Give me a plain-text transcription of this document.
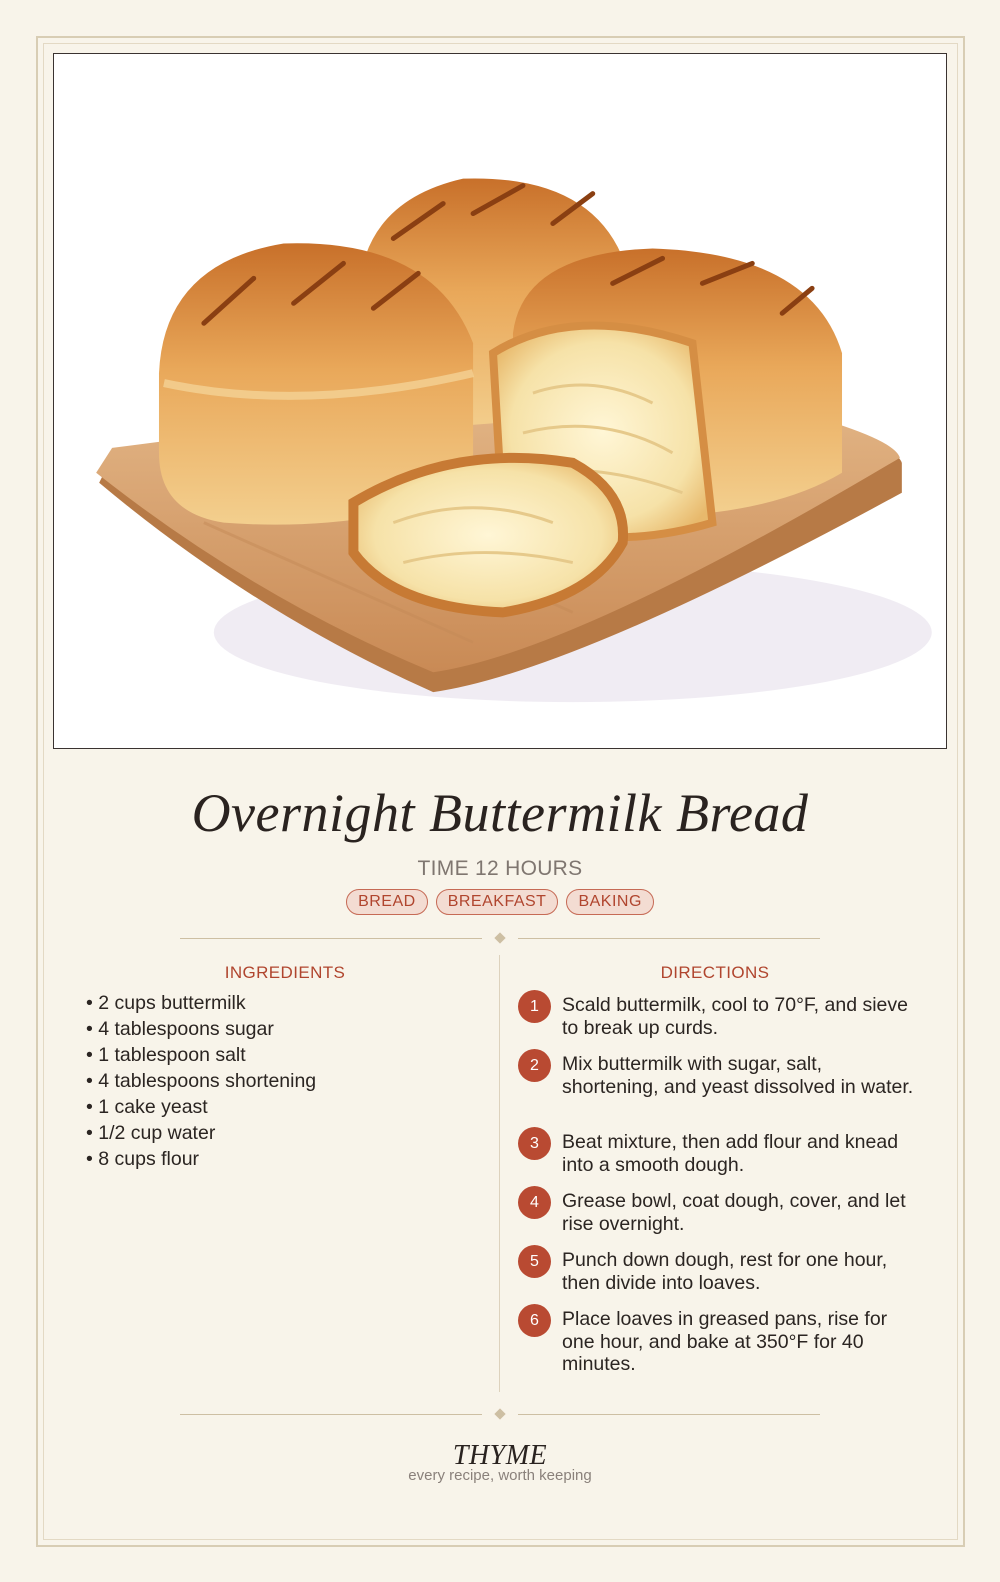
Overnight Buttermilk Bread
TIME 12 HOURS
BREAD	BREAKFAST	BAKING
INGREDIENTS
• 2 cups buttermilk
• 4 tablespoons sugar
• 1 tablespoon salt
• 4 tablespoons shortening
• 1 cake yeast
• 1/2 cup water
• 8 cups flour
DIRECTIONS
1	Scald buttermilk, cool to 70°F, and sieve to break up curds.
2	Mix buttermilk with sugar, salt, shortening, and yeast dissolved in water.
3	Beat mixture, then add flour and knead into a smooth dough.
4	Grease bowl, coat dough, cover, and let rise overnight.
5	Punch down dough, rest for one hour, then divide into loaves.
6	Place loaves in greased pans, rise for one hour, and bake at 350°F for 40 minutes.
THYME
every recipe, worth keeping
